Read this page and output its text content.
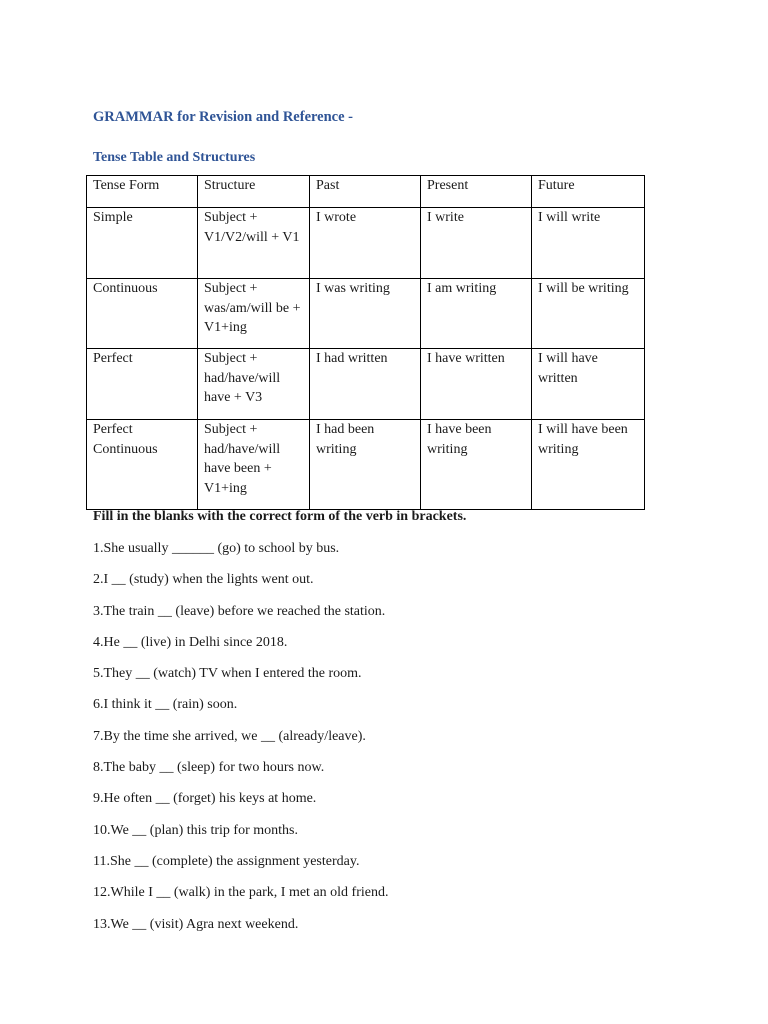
GRAMMAR for Revision and Reference -
Tense Table and Structures
Tense Form	Structure	Past	Present	Future
Simple	Subject + V1/V2/will + V1	I wrote	I write	I will write
Continuous	Subject + was/am/will be + V1+ing	I was writing	I am writing	I will be writing
Perfect	Subject + had/have/will have + V3	I had written	I have written	I will have written
Perfect Continuous	Subject + had/have/will have been + V1+ing	I had been writing	I have been writing	I will have been writing

Fill in the blanks with the correct form of the verb in brackets.

1.She usually ______ (go) to school by bus.
2.I __ (study) when the lights went out.
3.The train __ (leave) before we reached the station.
4.He __ (live) in Delhi since 2018.
5.They __ (watch) TV when I entered the room.
6.I think it __ (rain) soon.
7.By the time she arrived, we __ (already/leave).
8.The baby __ (sleep) for two hours now.
9.He often __ (forget) his keys at home.
10.We __ (plan) this trip for months.
11.She __ (complete) the assignment yesterday.
12.While I __ (walk) in the park, I met an old friend.
13.We __ (visit) Agra next weekend.
